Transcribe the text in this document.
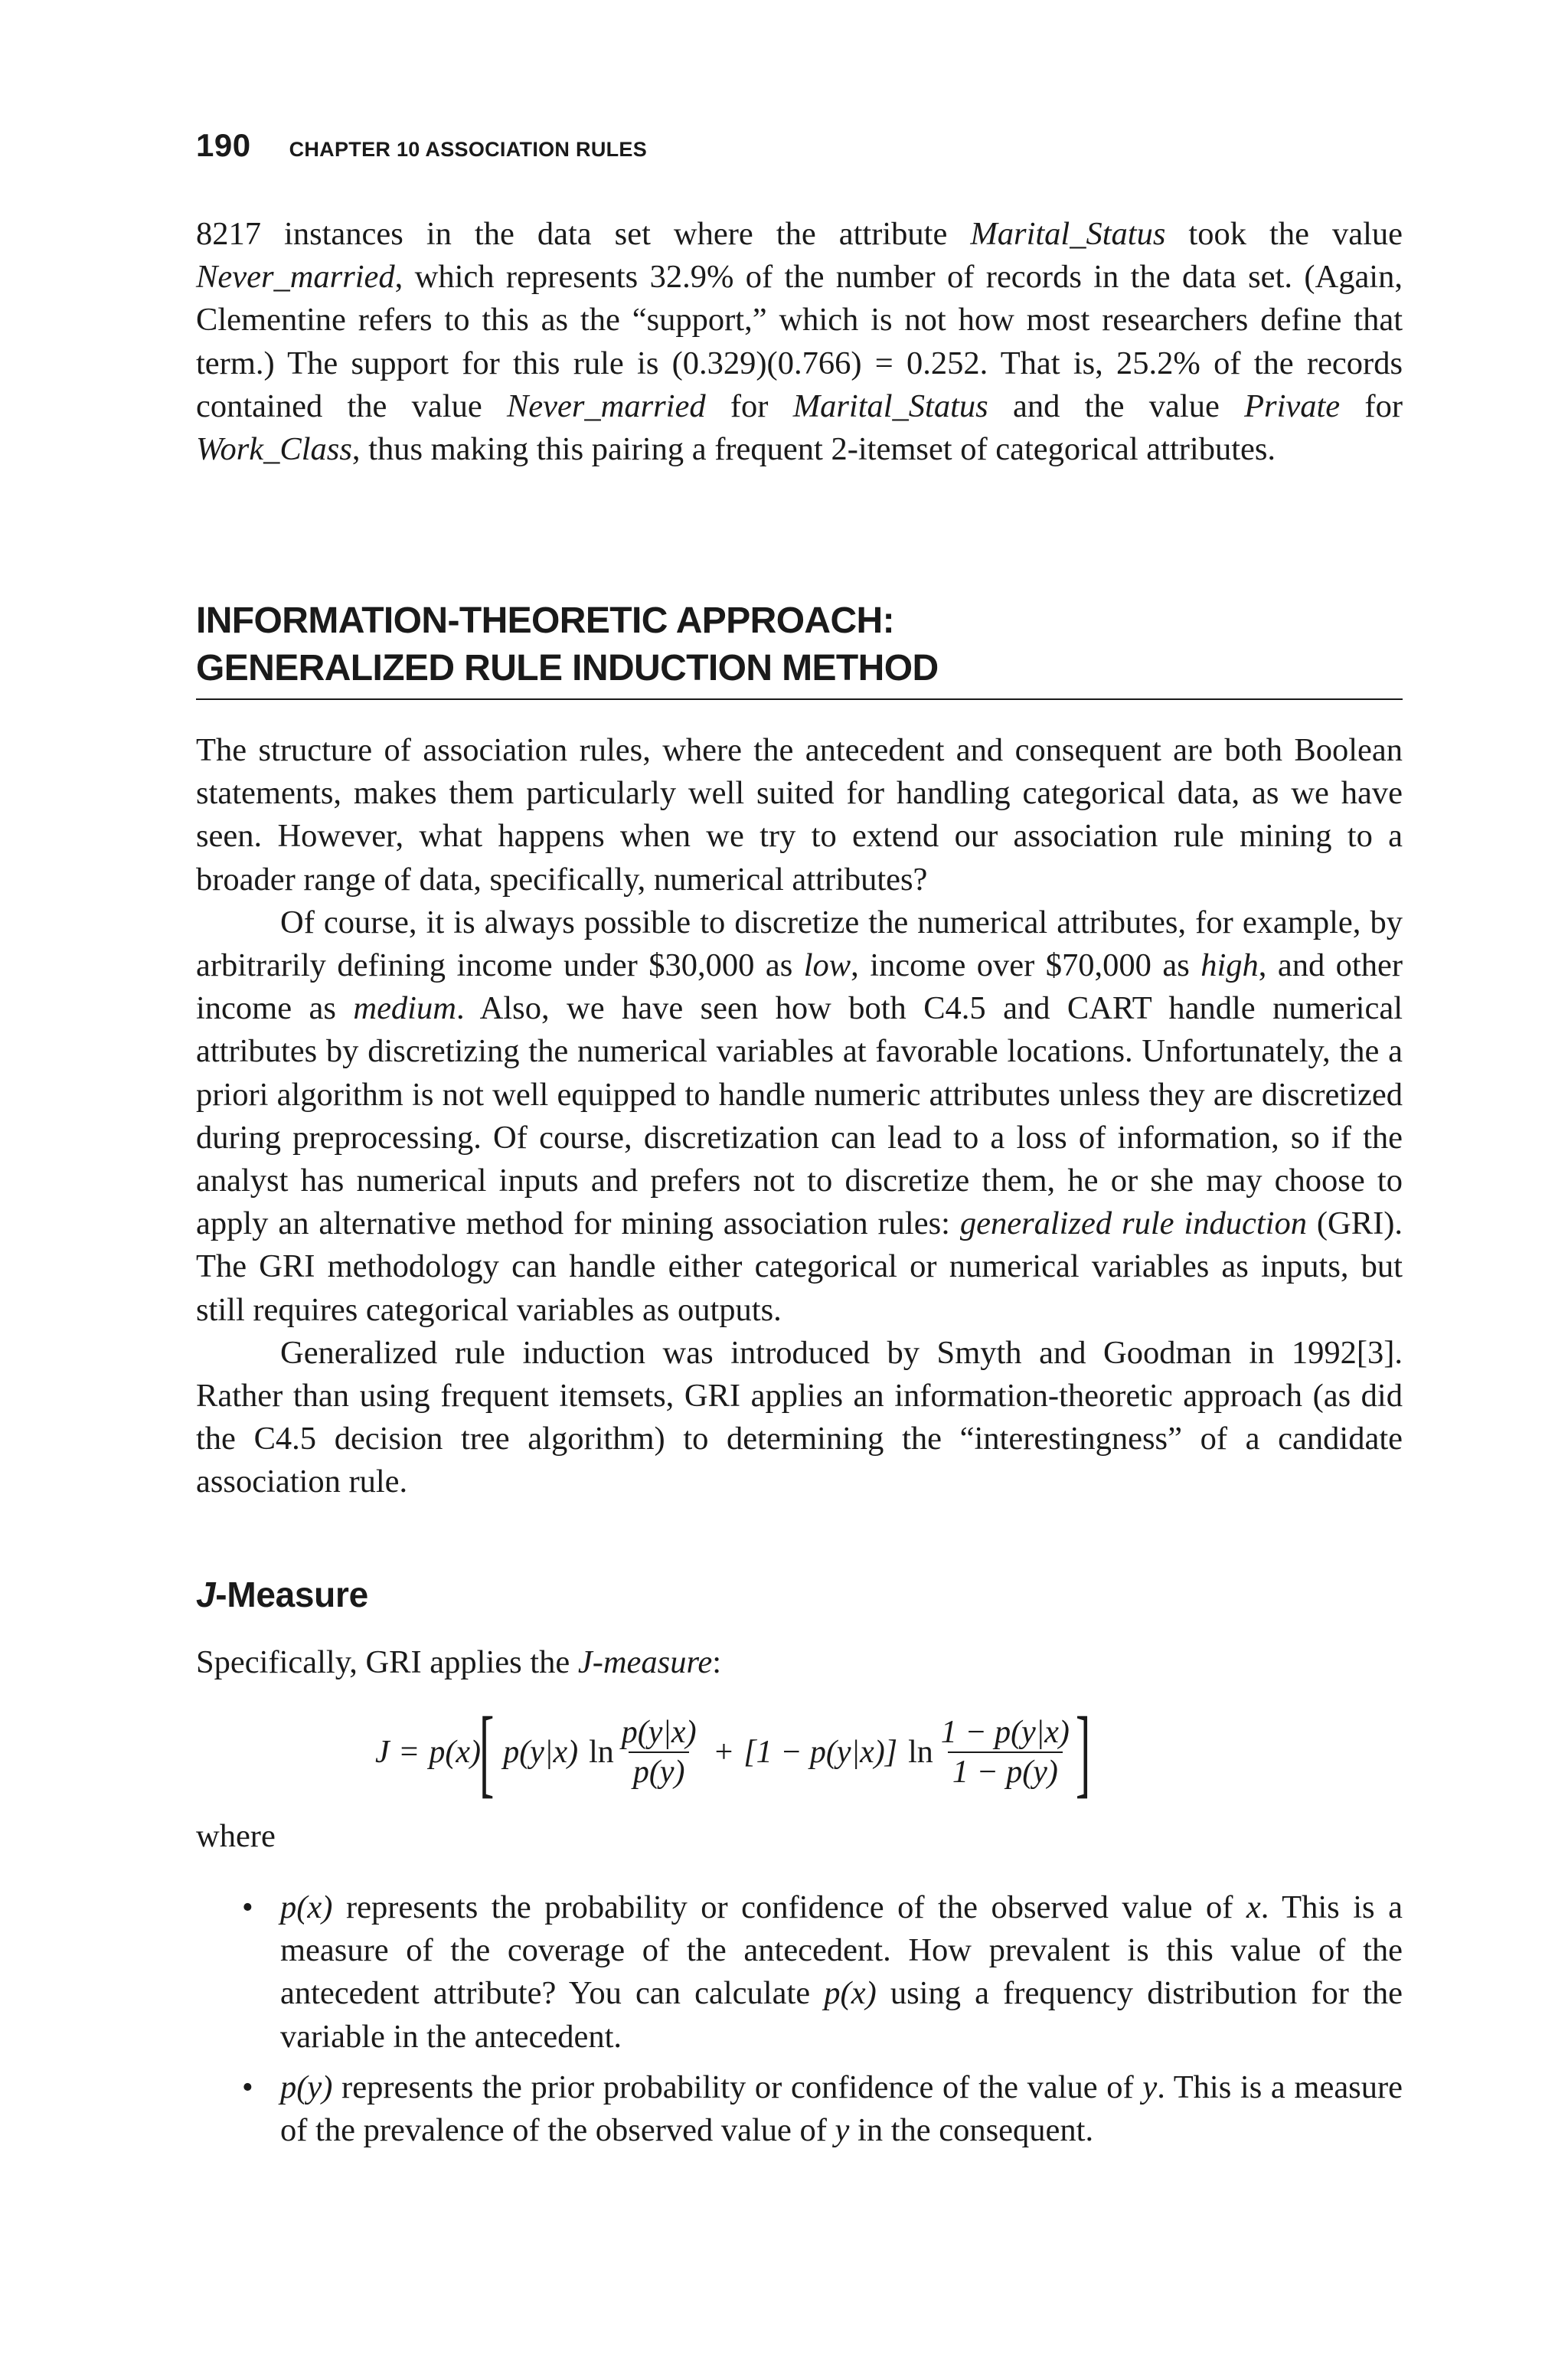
190 CHAPTER 10 ASSOCIATION RULES

8217 instances in the data set where the attribute Marital_Status took the value Never_married, which represents 32.9% of the number of records in the data set. (Again, Clementine refers to this as the “support,” which is not how most researchers define that term.) The support for this rule is (0.329)(0.766) = 0.252. That is, 25.2% of the records contained the value Never_married for Marital_Status and the value Private for Work_Class, thus making this pairing a frequent 2-itemset of categorical attributes.

INFORMATION-THEORETIC APPROACH:
GENERALIZED RULE INDUCTION METHOD

The structure of association rules, where the antecedent and consequent are both Boolean statements, makes them particularly well suited for handling categorical data, as we have seen. However, what happens when we try to extend our association rule mining to a broader range of data, specifically, numerical attributes?

Of course, it is always possible to discretize the numerical attributes, for example, by arbitrarily defining income under $30,000 as low, income over $70,000 as high, and other income as medium. Also, we have seen how both C4.5 and CART handle numerical attributes by discretizing the numerical variables at favorable locations. Unfortunately, the a priori algorithm is not well equipped to handle numeric attributes unless they are discretized during preprocessing. Of course, discretization can lead to a loss of information, so if the analyst has numerical inputs and prefers not to discretize them, he or she may choose to apply an alternative method for mining association rules: generalized rule induction (GRI). The GRI methodology can handle either categorical or numerical variables as inputs, but still requires categorical variables as outputs.

Generalized rule induction was introduced by Smyth and Goodman in 1992[3]. Rather than using frequent itemsets, GRI applies an information-theoretic approach (as did the C4.5 decision tree algorithm) to determining the “interestingness” of a candidate association rule.

J-Measure

Specifically, GRI applies the J-measure:

J = p(x)
[ p(y|x) $\ln \frac{p(y|x)}{p(y)} + [1 - p(y|x)]$ $\ln \frac{1 - p(y|x)}{1 - p(y)}$ ]

where

• p(x) represents the probability or confidence of the observed value of x. This is a measure of the coverage of the antecedent. How prevalent is this value of the antecedent attribute? You can calculate p(x) using a frequency distribution for the variable in the antecedent.

• p(y) represents the prior probability or confidence of the value of y. This is a measure of the prevalence of the observed value of y in the consequent.
